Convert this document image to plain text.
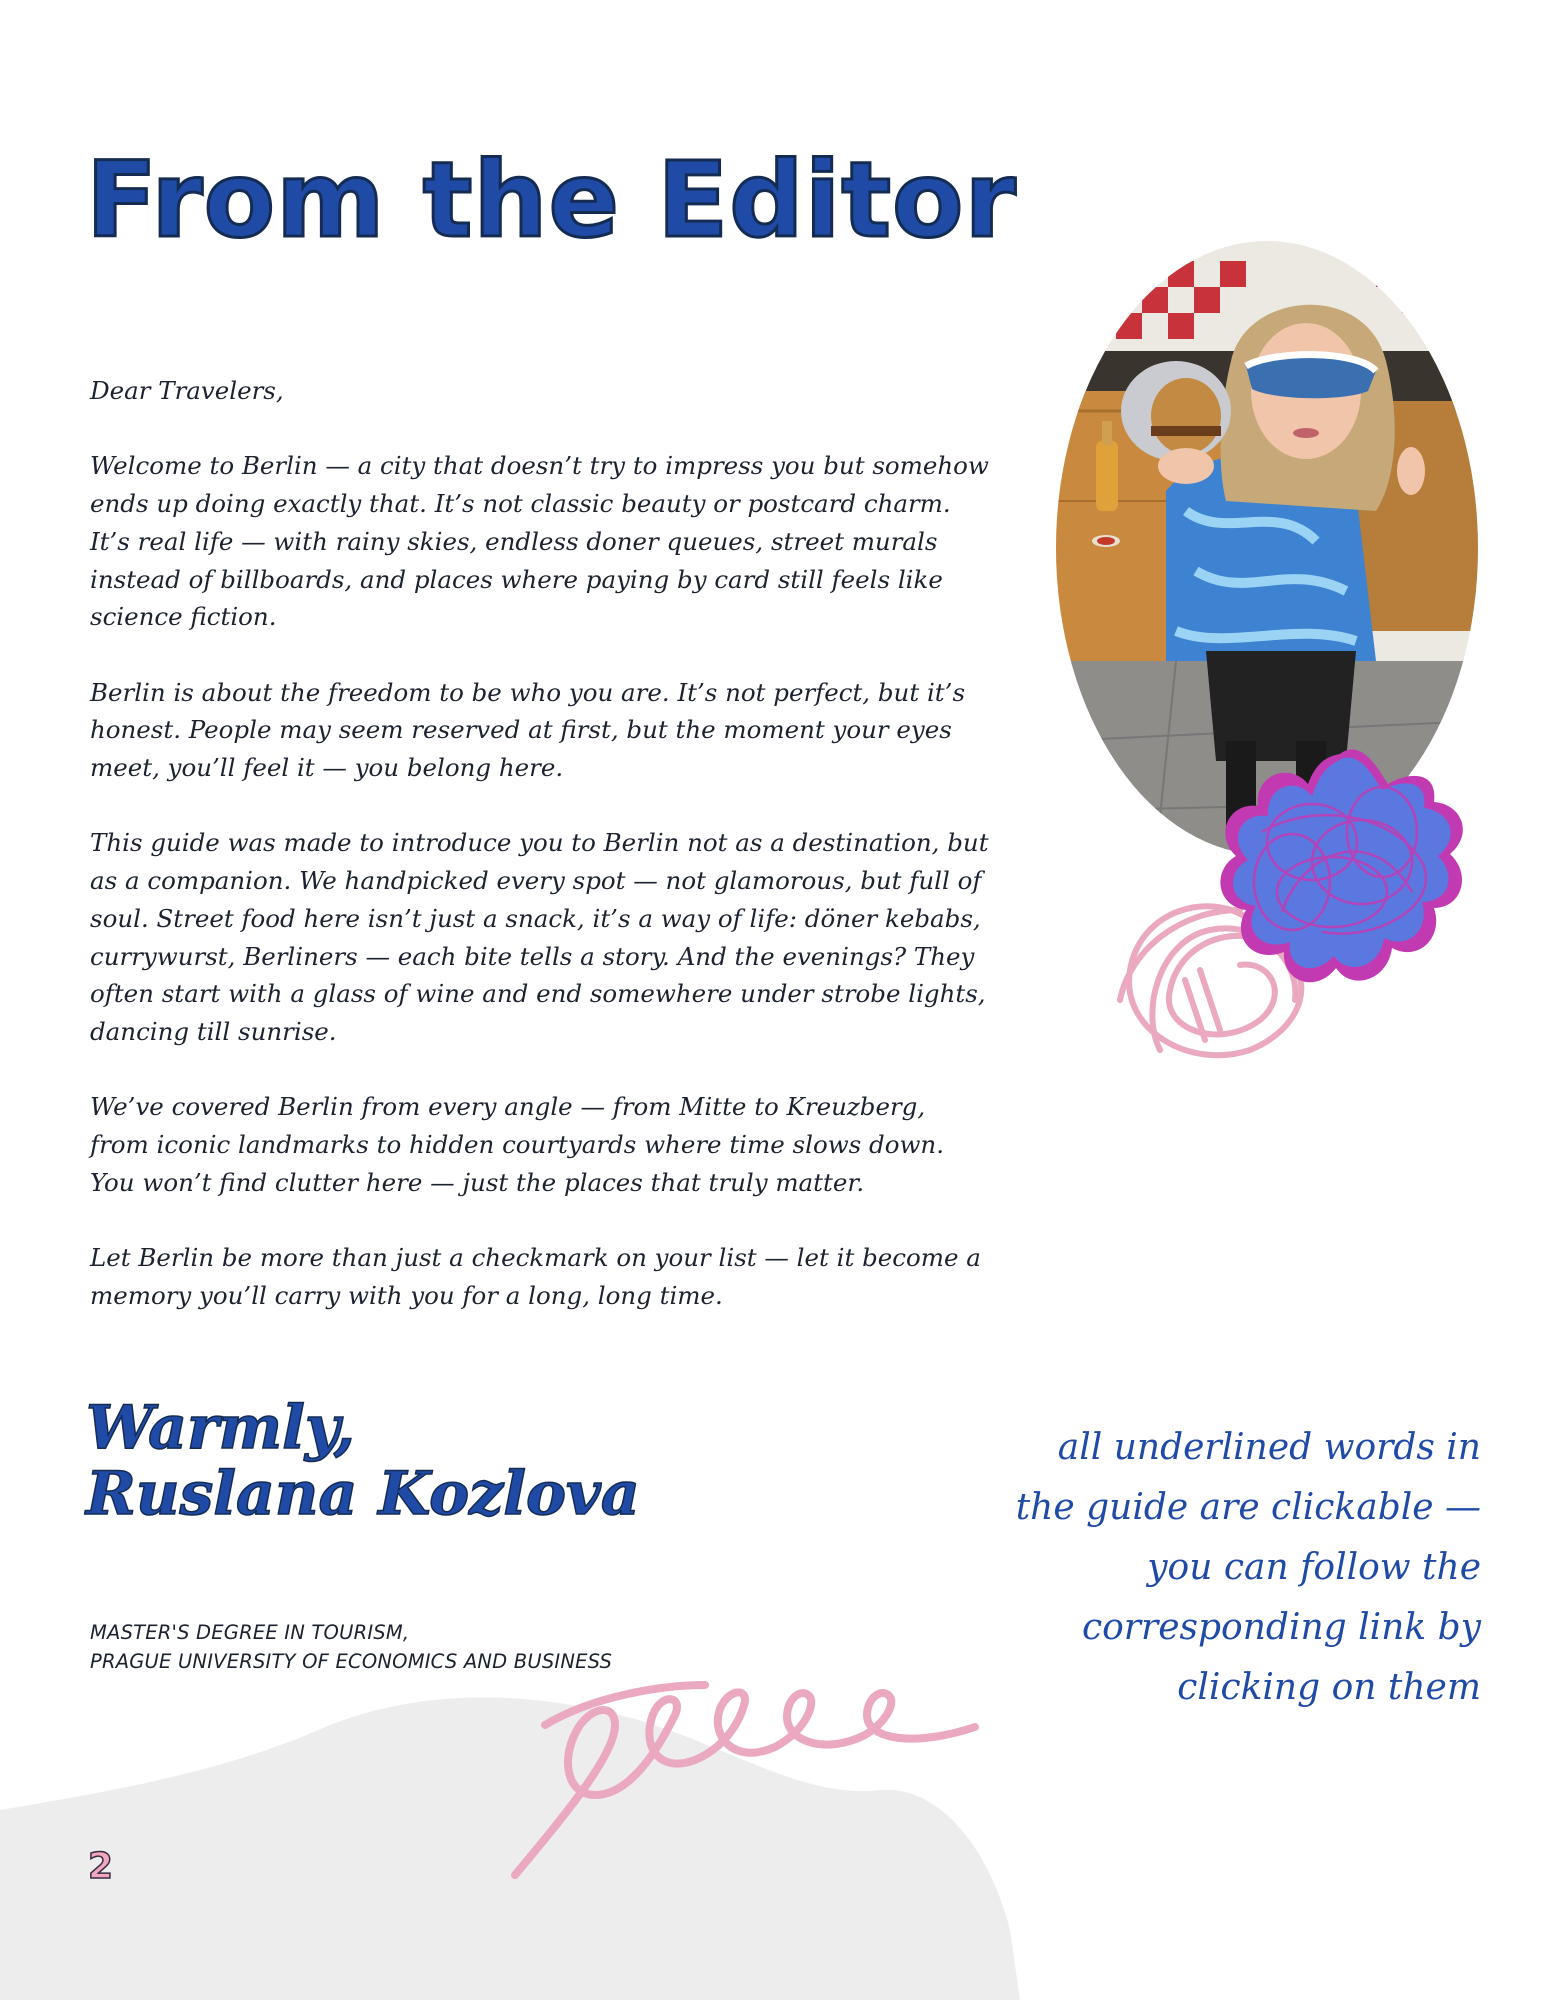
From the Editor

Dear Travelers,

Welcome to Berlin — a city that doesn’t try to impress you but somehow ends up doing exactly that. It’s not classic beauty or postcard charm. It’s real life — with rainy skies, endless doner queues, street murals instead of billboards, and places where paying by card still feels like science fiction.

Berlin is about the freedom to be who you are. It’s not perfect, but it’s honest. People may seem reserved at first, but the moment your eyes meet, you’ll feel it — you belong here.

This guide was made to introduce you to Berlin not as a destination, but as a companion. We handpicked every spot — not glamorous, but full of soul. Street food here isn’t just a snack, it’s a way of life: döner kebabs, currywurst, Berliners — each bite tells a story. And the evenings? They often start with a glass of wine and end somewhere under strobe lights, dancing till sunrise.

We’ve covered Berlin from every angle — from Mitte to Kreuzberg, from iconic landmarks to hidden courtyards where time slows down. You won’t find clutter here — just the places that truly matter.

Let Berlin be more than just a checkmark on your list — let it become a memory you’ll carry with you for a long, long time.

Warmly,
Ruslana Kozlova
MASTER'S DEGREE IN TOURISM,
PRAGUE UNIVERSITY OF ECONOMICS AND BUSINESS
all underlined words in
the guide are clickable —
you can follow the
corresponding link by
clicking on them
2
